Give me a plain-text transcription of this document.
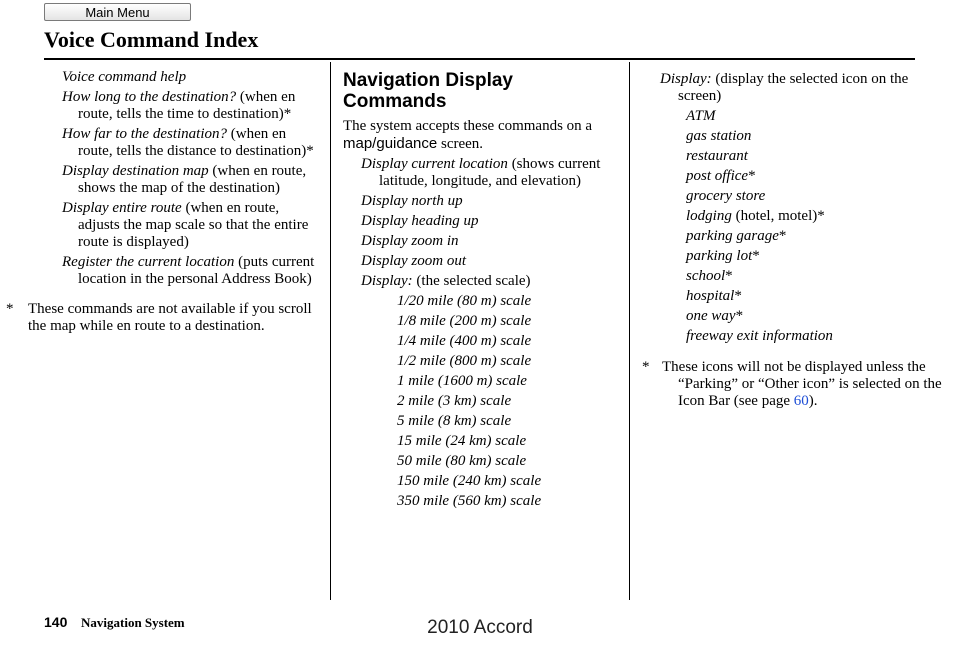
Main Menu
Voice Command Index

Voice command help

How long to the destination? (when en route, tells the time to destination)*

How far to the destination? (when en route, tells the distance to destination)*

Display destination map (when en route, shows the map of the destination)

Display entire route (when en route, adjusts the map scale so that the entire route is displayed)

Register the current location (puts current location in the personal Address Book)

* These commands are not available if you scroll the map while en route to a destination.

Navigation Display Commands

The system accepts these commands on a map/guidance screen.

Display current location (shows current latitude, longitude, and elevation)

Display north up

Display heading up

Display zoom in

Display zoom out

Display: (the selected scale)

1/20 mile (80 m) scale

1/8 mile (200 m) scale

1/4 mile (400 m) scale

1/2 mile (800 m) scale

1 mile (1600 m) scale

2 mile (3 km) scale

5 mile (8 km) scale

15 mile (24 km) scale

50 mile (80 km) scale

150 mile (240 km) scale

350 mile (560 km) scale

Display: (display the selected icon on the screen)

ATM

gas station

restaurant

post office*

grocery store

lodging (hotel, motel)*

parking garage*

parking lot*

school*

hospital*

one way*

freeway exit information

* These icons will not be displayed unless the “Parking” or “Other icon” is selected on the Icon Bar (see page 60).

140 Navigation System	2010 Accord
